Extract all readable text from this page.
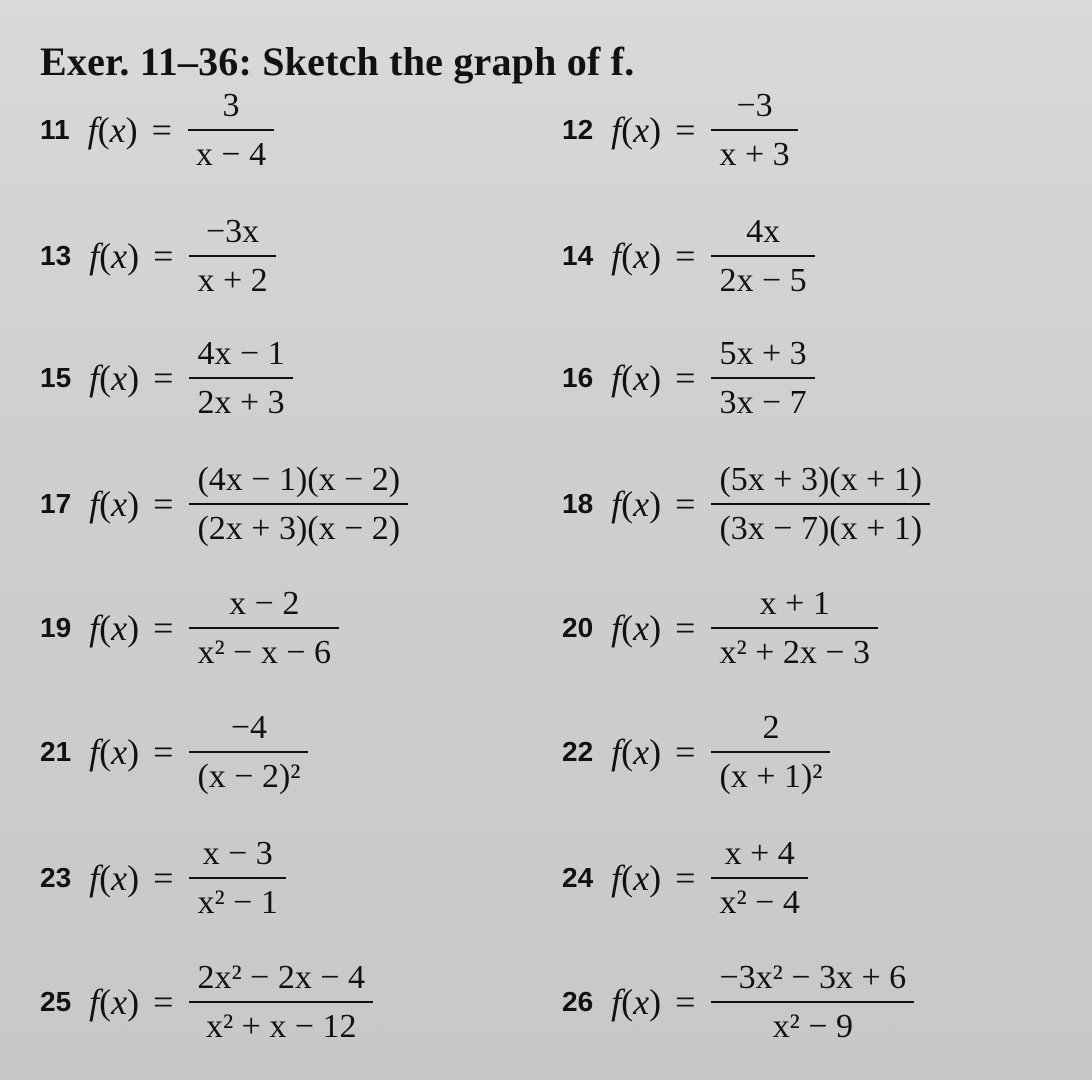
Exer. 11–36: Sketch the graph of f.
11 $f(x) = \frac{3}{x - 4}$	12 $f(x) = \frac{-3}{x + 3}$
13 $f(x) = \frac{-3x}{x + 2}$	14 $f(x) = \frac{4x}{2x - 5}$
15 $f(x) = \frac{4x - 1}{2x + 3}$	16 $f(x) = \frac{5x + 3}{3x - 7}$
17 $f(x) = \frac{(4x - 1)(x - 2)}{(2x + 3)(x - 2)}$	18 $f(x) = \frac{(5x + 3)(x + 1)}{(3x - 7)(x + 1)}$
19 $f(x) = \frac{x - 2}{\text{x² − x − 6}}$	20 $f(x) = \frac{x + 1}{\text{x² + 2x − 3}}$
21 $f(x) = \frac{-4}{\text{(x − 2)²}}$	22 $f(x) = \frac{2}{\text{(x + 1)²}}$
23 $f(x) = \frac{x - 3}{\text{x² − 1}}$	24 $f(x) = \frac{x + 4}{\text{x² − 4}}$
25 $f(x) = \frac{\text{2x² − 2x − 4}}{\text{x² + x − 12}}$	26 $f(x) = \frac{\text{−3x² − 3x + 6}}{\text{x² − 9}}$
